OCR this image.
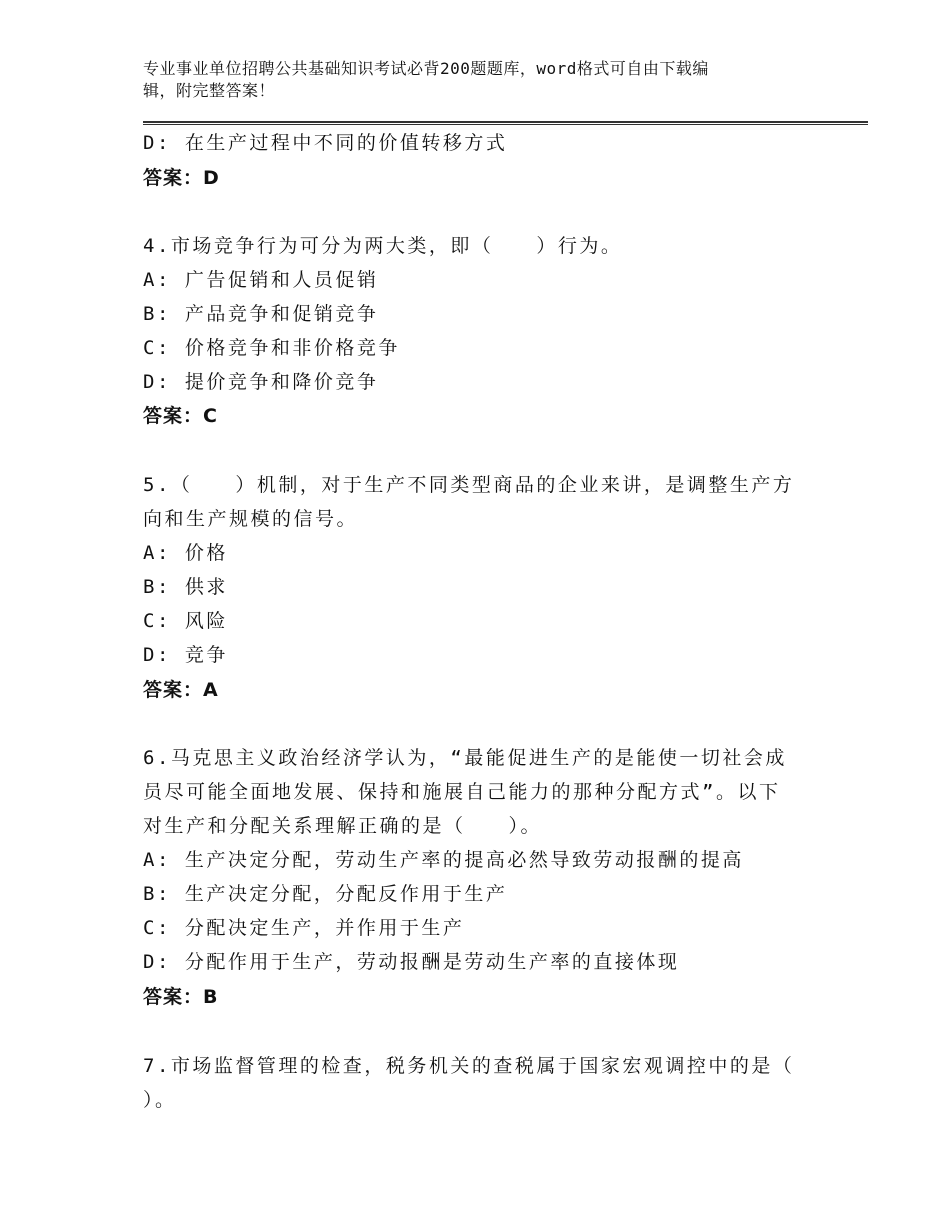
专业事业单位招聘公共基础知识考试必背200题题库，word格式可自由下载编
辑，附完整答案！
D: 在生产过程中不同的价值转移方式
答案：D
4.市场竞争行为可分为两大类，即（　　）行为。
A: 广告促销和人员促销
B: 产品竞争和促销竞争
C: 价格竞争和非价格竞争
D: 提价竞争和降价竞争
答案：C
5.（　　）机制，对于生产不同类型商品的企业来讲，是调整生产方
向和生产规模的信号。
A: 价格
B: 供求
C: 风险
D: 竞争
答案：A
6.马克思主义政治经济学认为，“最能促进生产的是能使一切社会成
员尽可能全面地发展、保持和施展自己能力的那种分配方式”。以下
对生产和分配关系理解正确的是（　　）。
A: 生产决定分配，劳动生产率的提高必然导致劳动报酬的提高
B: 生产决定分配，分配反作用于生产
C: 分配决定生产，并作用于生产
D: 分配作用于生产，劳动报酬是劳动生产率的直接体现
答案：B
7.市场监督管理的检查，税务机关的查税属于国家宏观调控中的是（
）。
